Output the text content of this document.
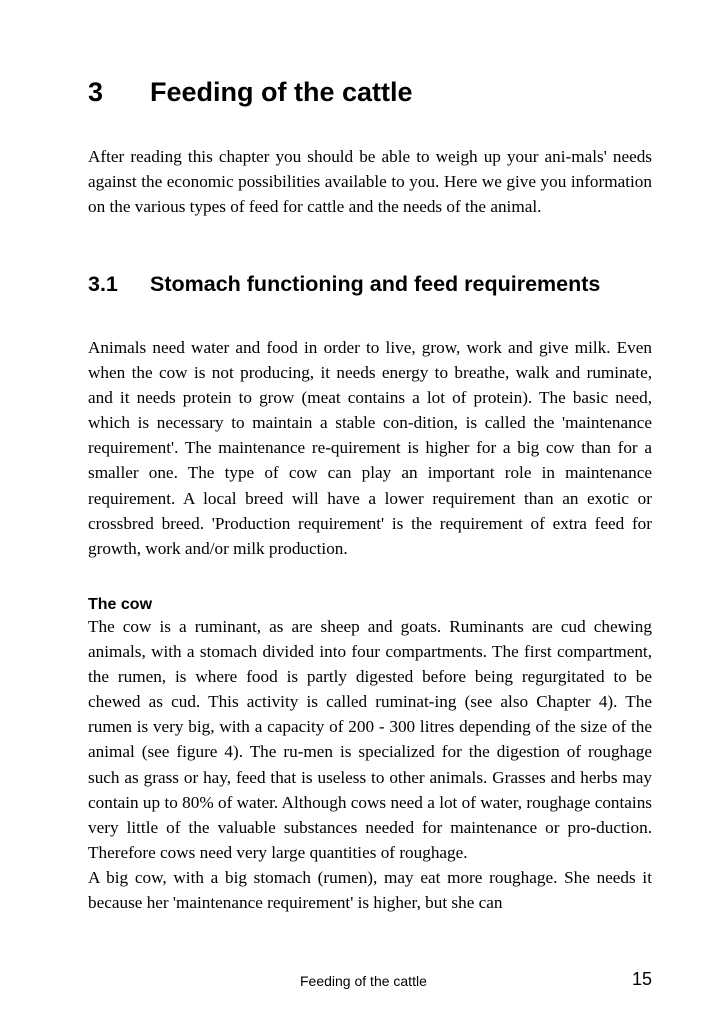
3 Feeding of the cattle

After reading this chapter you should be able to weigh up your ani-mals' needs against the economic possibilities available to you. Here we give you information on the various types of feed for cattle and the needs of the animal.

3.1	Stomach functioning and feed requirements

Animals need water and food in order to live, grow, work and give milk. Even when the cow is not producing, it needs energy to breathe, walk and ruminate, and it needs protein to grow (meat contains a lot of protein). The basic need, which is necessary to maintain a stable con-dition, is called the 'maintenance requirement'. The maintenance re-quirement is higher for a big cow than for a smaller one. The type of cow can play an important role in maintenance requirement. A local breed will have a lower requirement than an exotic or crossbred breed. 'Production requirement' is the requirement of extra feed for growth, work and/or milk production.

The cow
The cow is a ruminant, as are sheep and goats. Ruminants are cud chewing animals, with a stomach divided into four compartments. The first compartment, the rumen, is where food is partly digested before being regurgitated to be chewed as cud. This activity is called ruminat-ing (see also Chapter 4). The rumen is very big, with a capacity of 200 - 300 litres depending of the size of the animal (see figure 4). The ru-men is specialized for the digestion of roughage such as grass or hay, feed that is useless to other animals. Grasses and herbs may contain up to 80% of water. Although cows need a lot of water, roughage contains very little of the valuable substances needed for maintenance or pro-duction. Therefore cows need very large quantities of roughage.
A big cow, with a big stomach (rumen), may eat more roughage. She needs it because her 'maintenance requirement' is higher, but she can
Feeding of the cattle	15
